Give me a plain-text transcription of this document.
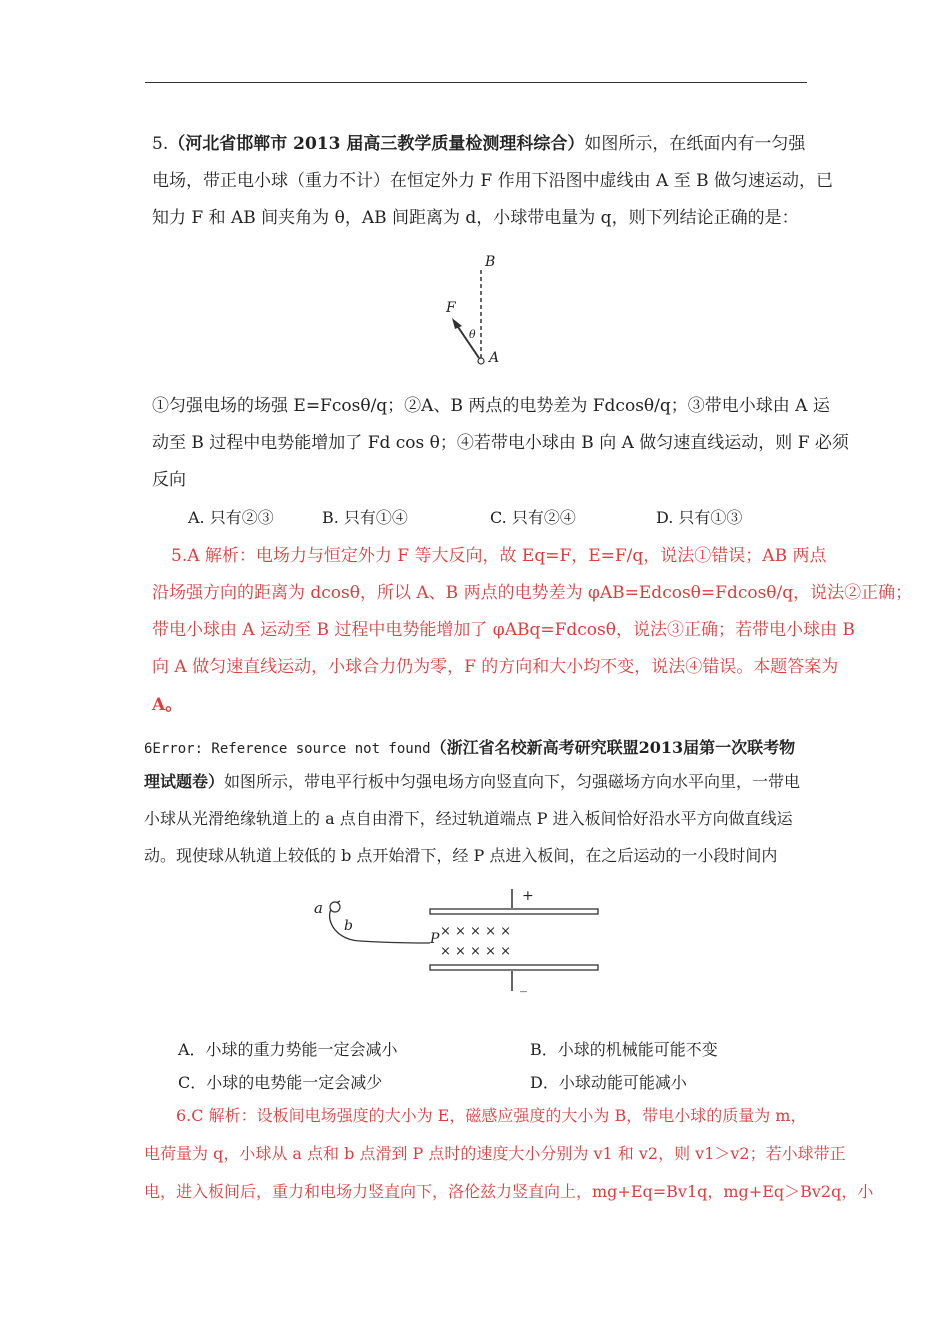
5.（河北省邯郸市 2013 届高三教学质量检测理科综合）如图所示，在纸面内有一匀强
电场，带正电小球（重力不计）在恒定外力 F 作用下沿图中虚线由 A 至 B 做匀速运动，已
知力 F 和 AB 间夹角为 θ，AB 间距离为 d，小球带电量为 q，则下列结论正确的是：
B
F
θ
A
①匀强电场的场强 E=Fcosθ/q；②A、B 两点的电势差为 Fdcosθ/q；③带电小球由 A 运
动至 B 过程中电势能增加了 Fd cos θ；④若带电小球由 B 向 A 做匀速直线运动，则 F 必须
反向
A. 只有②③	B. 只有①④	C. 只有②④	D. 只有①③
5.A 解析：电场力与恒定外力 F 等大反向，故 Eq=F，E=F/q，说法①错误；AB 两点
沿场强方向的距离为 dcosθ，所以 A、B 两点的电势差为 φAB=Edcosθ=Fdcosθ/q，说法②正确；
带电小球由 A 运动至 B 过程中电势能增加了 φABq=Fdcosθ，说法③正确；若带电小球由 B
向 A 做匀速直线运动，小球合力仍为零，F 的方向和大小均不变，说法④错误。本题答案为
A。
6Error: Reference source not found（浙江省名校新高考研究联盟2013届第一次联考物
理试题卷）如图所示，带电平行板中匀强电场方向竖直向下，匀强磁场方向水平向里，一带电
小球从光滑绝缘轨道上的 a 点自由滑下，经过轨道端点 P 进入板间恰好沿水平方向做直线运
动。现使球从轨道上较低的 b 点开始滑下，经 P 点进入板间，在之后运动的一小段时间内
a
b
P
+
_
× × × × ×
× × × × ×
A．小球的重力势能一定会减小	B．小球的机械能可能不变
C．小球的电势能一定会减少	D．小球动能可能减小
6.C 解析：设板间电场强度的大小为 E，磁感应强度的大小为 B，带电小球的质量为 m，
电荷量为 q，小球从 a 点和 b 点滑到 P 点时的速度大小分别为 v1 和 v2，则 v1＞v2；若小球带正
电，进入板间后，重力和电场力竖直向下，洛伦兹力竖直向上，mg+Eq=Bv1q，mg+Eq＞Bv2q，小
